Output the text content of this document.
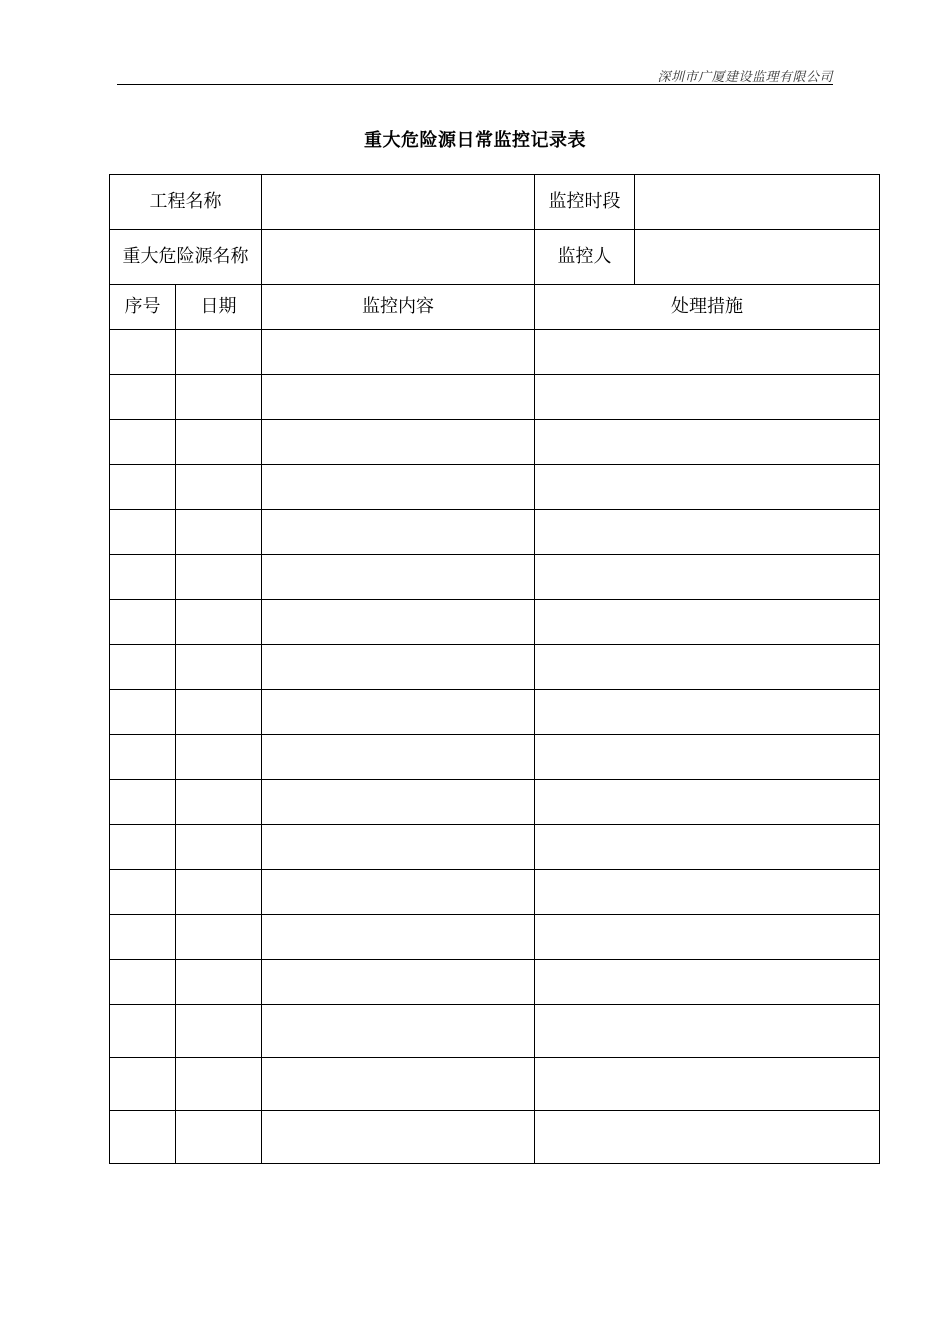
深圳市广厦建设监理有限公司
重大危险源日常监控记录表
工程名称			监控时段	
重大危险源名称			监控人	
序号	日期	监控内容	处理措施	
